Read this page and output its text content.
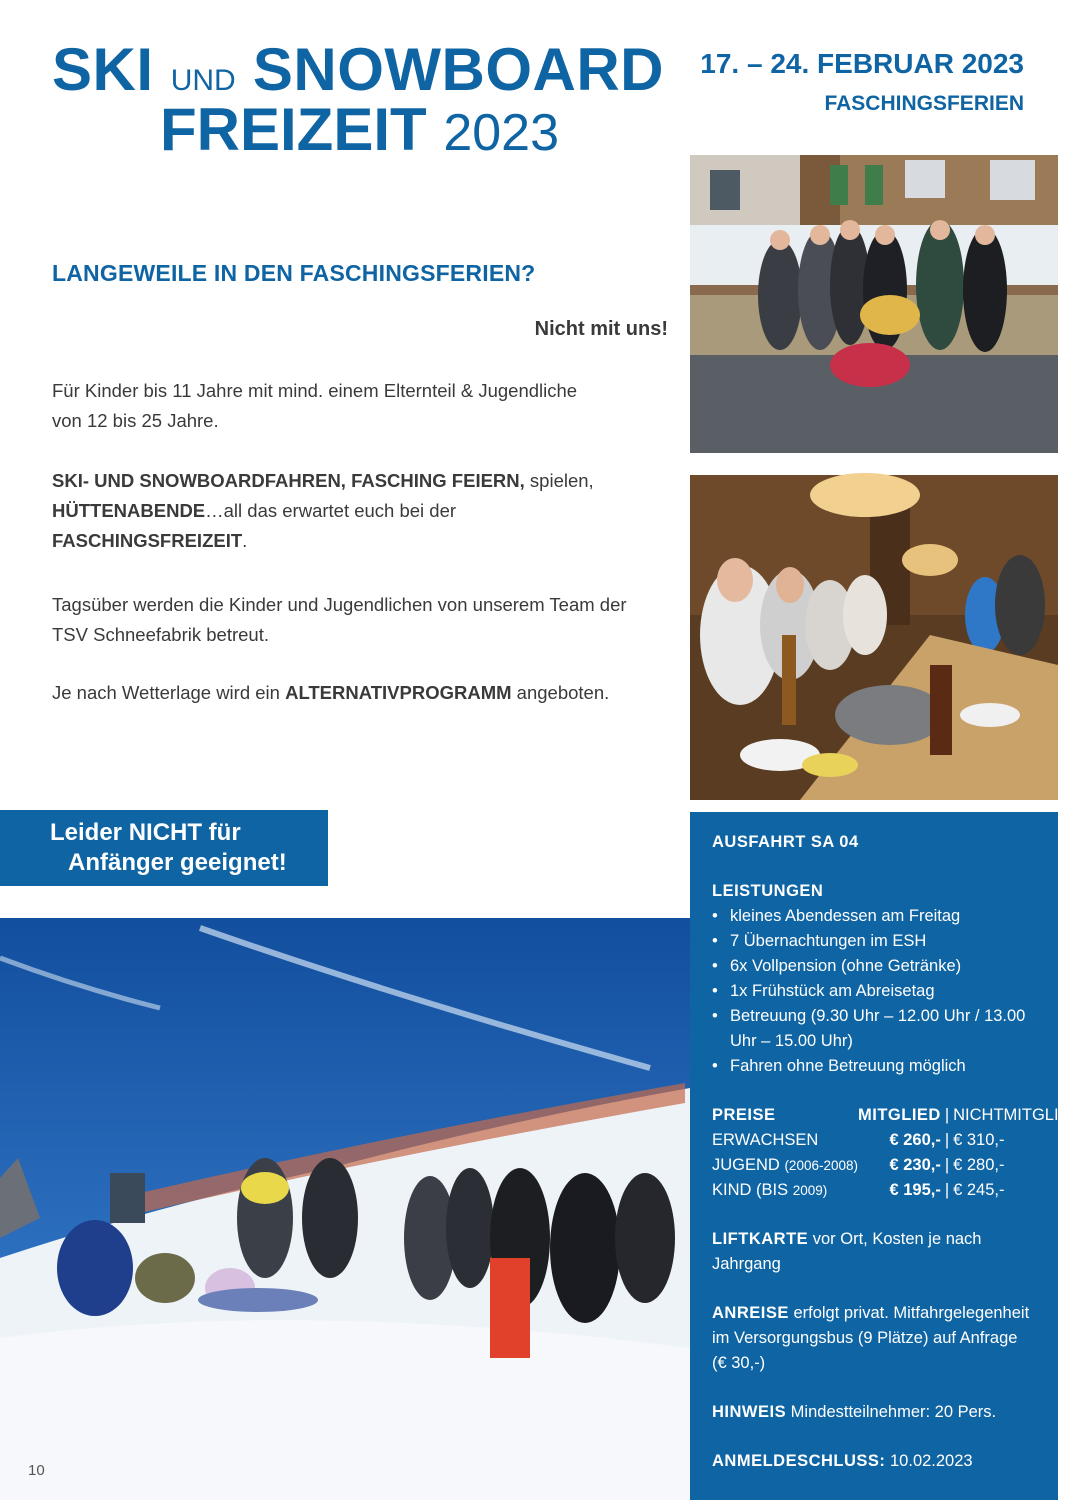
SKI UND SNOWBOARD
FREIZEIT 2023
17. – 24. FEBRUAR 2023
FASCHINGSFERIEN
LANGEWEILE IN DEN FASCHINGSFERIEN?
Nicht mit uns!
Für Kinder bis 11 Jahre mit mind. einem Elternteil & Jugendliche
von 12 bis 25 Jahre.
SKI- UND SNOWBOARDFAHREN, FASCHING FEIERN, spielen,
HÜTTENABENDE…all das erwartet euch bei der
FASCHINGSFREIZEIT.
Tagsüber werden die Kinder und Jugendlichen von unserem Team der
TSV Schneefabrik betreut.
Je nach Wetterlage wird ein ALTERNATIVPROGRAMM angeboten.
Leider NICHT für
Anfänger geeignet!
AUSFAHRT SA 04
LEISTUNGEN
• kleines Abendessen am Freitag
• 7 Übernachtungen im ESH
• 6x Vollpension (ohne Getränke)
• 1x Frühstück am Abreisetag
• Betreuung (9.30 Uhr – 12.00 Uhr / 13.00 Uhr – 15.00 Uhr)
• Fahren ohne Betreuung möglich
PREISE	MITGLIED	|	NICHTMITGLIED
ERWACHSEN	€ 260,-	|	€ 310,-
JUGEND (2006-2008)	€ 230,-	|	€ 280,-
KIND (BIS 2009)	€ 195,-	|	€ 245,-
LIFTKARTE vor Ort, Kosten je nach Jahrgang
ANREISE erfolgt privat. Mitfahrgelegenheit im Versorgungsbus (9 Plätze) auf Anfrage (€ 30,-)
HINWEIS Mindestteilnehmer: 20 Pers.
ANMELDESCHLUSS: 10.02.2023
10
